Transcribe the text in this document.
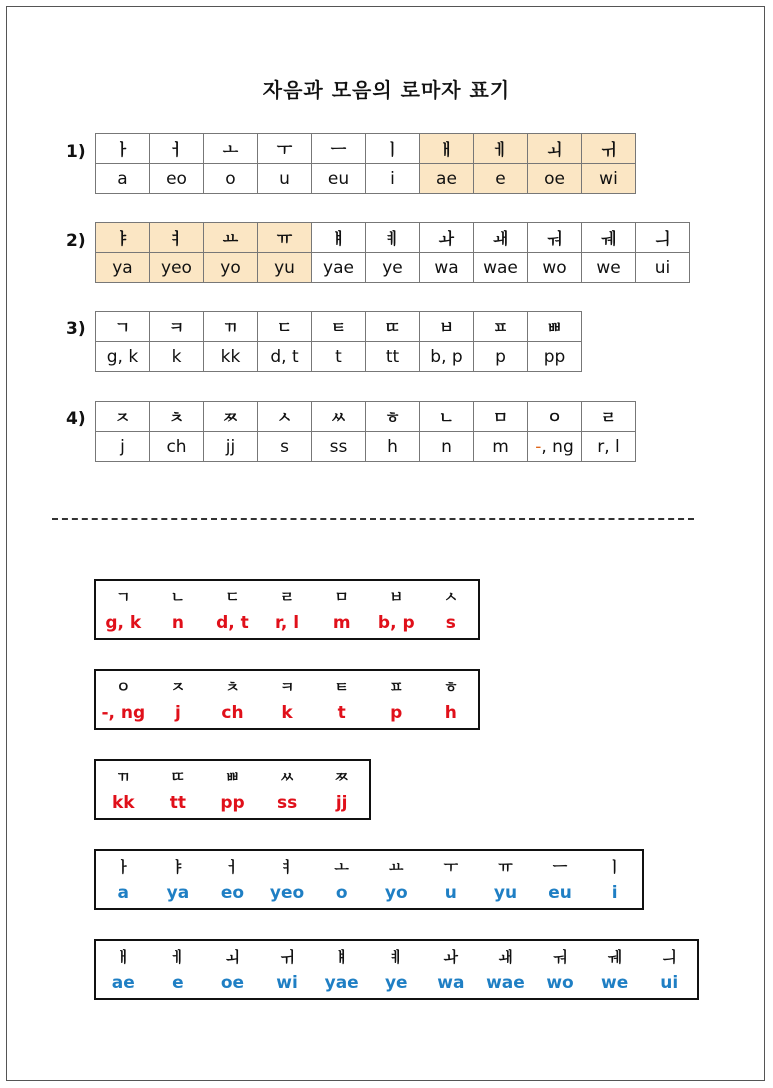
자음과 모음의 로마자 표기
1) ㅏ	ㅓ	ㅗ	ㅜ	ㅡ	ㅣ	ㅐ	ㅔ	ㅚ	ㅟ
a	eo	o	u	eu	i	ae	e	oe	wi
2) ㅑ	ㅕ	ㅛ	ㅠ	ㅒ	ㅖ	ㅘ	ㅙ	ㅝ	ㅞ	ㅢ
ya	yeo	yo	yu	yae	ye	wa	wae	wo	we	ui
3) ㄱ	ㅋ	ㄲ	ㄷ	ㅌ	ㄸ	ㅂ	ㅍ	ㅃ
g, k	k	kk	d, t	t	tt	b, p	p	pp
4) ㅈ	ㅊ	ㅉ	ㅅ	ㅆ	ㅎ	ㄴ	ㅁ	ㅇ	ㄹ
j	ch	jj	s	ss	h	n	m	-, ng	r, l
ㄱ	ㄴ	ㄷ	ㄹ	ㅁ	ㅂ	ㅅ
g, k	n	d, t	r, l	m	b, p	s
ㅇ	ㅈ	ㅊ	ㅋ	ㅌ	ㅍ	ㅎ
-, ng	j	ch	k	t	p	h
ㄲ	ㄸ	ㅃ	ㅆ	ㅉ
kk	tt	pp	ss	jj
ㅏ	ㅑ	ㅓ	ㅕ	ㅗ	ㅛ	ㅜ	ㅠ	ㅡ	ㅣ
a	ya	eo	yeo	o	yo	u	yu	eu	i
ㅐ	ㅔ	ㅚ	ㅟ	ㅒ	ㅖ	ㅘ	ㅙ	ㅝ	ㅞ	ㅢ
ae	e	oe	wi	yae	ye	wa	wae	wo	we	ui
